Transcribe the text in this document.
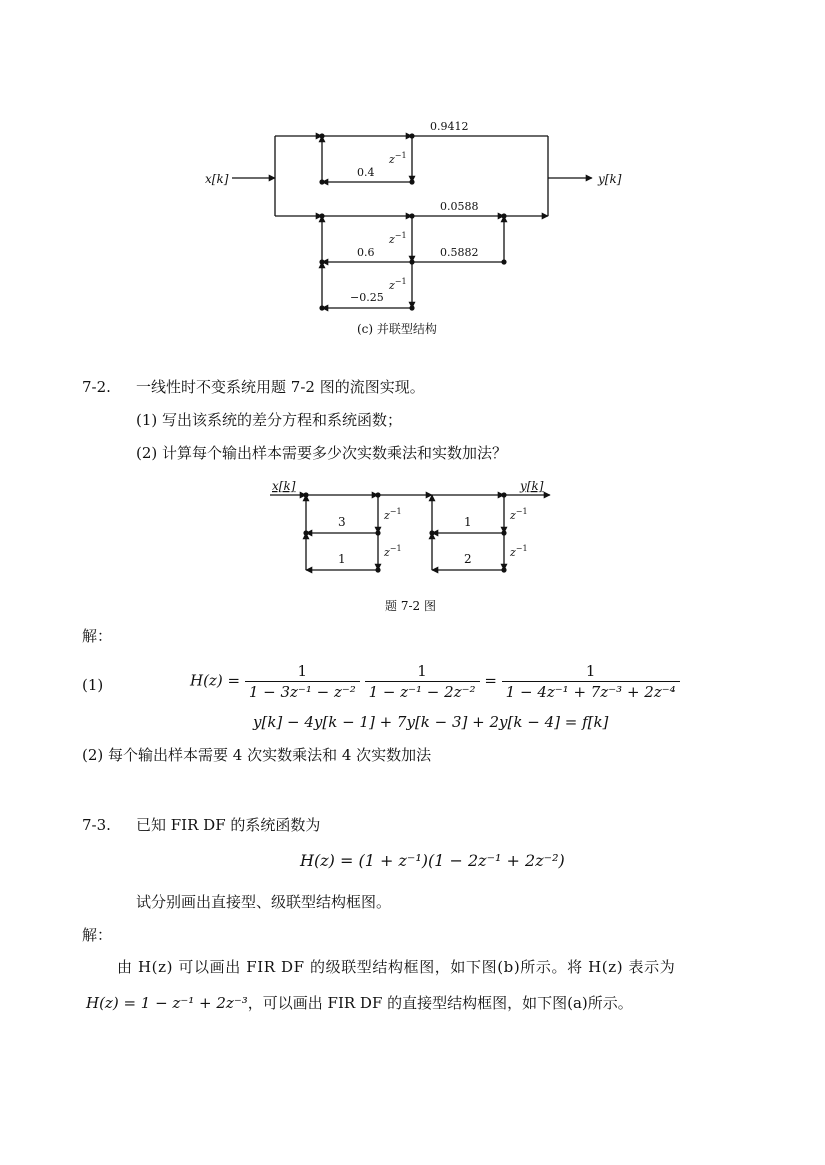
x[k]	y[k]
0.9412
0.4
0.0588
0.6	0.5882
−0.25
$z^{-1}$
$z^{-1}$
$z^{-1}$
(c) 并联型结构
7-2. 一线性时不变系统用题 7-2 图的流图实现。
(1) 写出该系统的差分方程和系统函数；
(2) 计算每个输出样本需要多少次实数乘法和实数加法？
x[k]	y[k]
3
1
1
2
$z^{-1}$
$z^{-1}$
$z^{-1}$
$z^{-1}$
题 7-2 图
解：
(1)	$H(z) = \frac{1}{\text{1 − 3z⁻¹ − z⁻²}}$
$\frac{1}{\text{1 − z⁻¹ − 2z⁻²}} = \frac{1}{\text{1 − 4z⁻¹ + 7z⁻³ + 2z⁻⁴}}$
y[k] − 4y[k − 1] + 7y[k − 3] + 2y[k − 4] = f[k]
(2) 每个输出样本需要 4 次实数乘法和 4 次实数加法
7-3. 已知 FIR DF 的系统函数为
H(z) = (1 + z⁻¹)(1 − 2z⁻¹ + 2z⁻²)
试分别画出直接型、级联型结构框图。
解：
由 H(z) 可以画出 FIR DF 的级联型结构框图，如下图(b)所示。将 H(z) 表示为
H(z) = 1 − z⁻¹ + 2z⁻³，可以画出 FIR DF 的直接型结构框图，如下图(a)所示。
